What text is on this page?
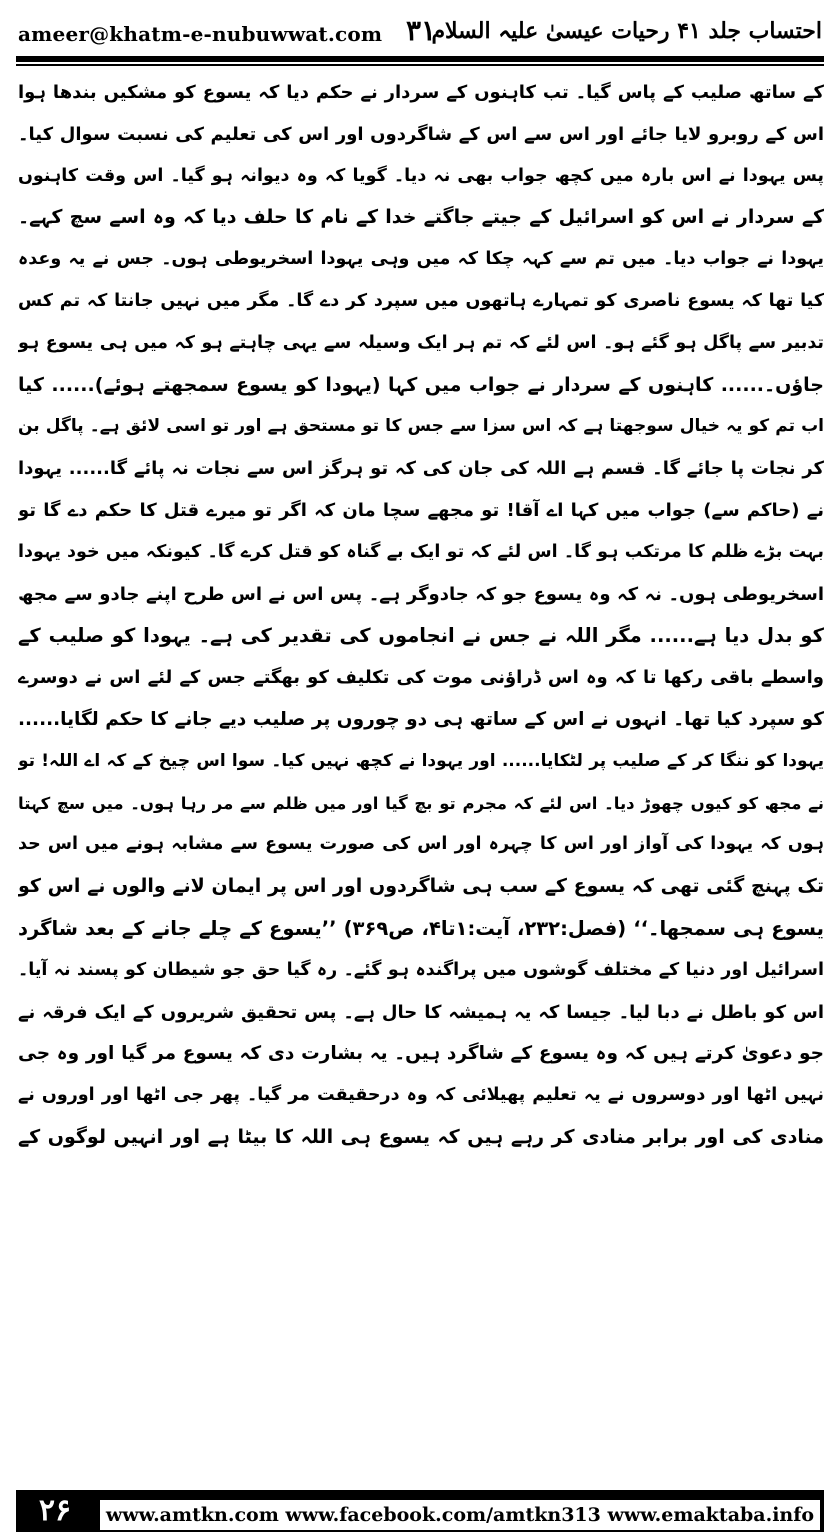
ameer@khatm-e-nubuwwat.com ۳۱
احتساب جلد ۴۱ رحیات عیسیٰ علیہ السلام
کے ساتھ صلیب کے پاس گیا۔ تب کاہنوں کے سردار نے حکم دیا کہ یسوع کو مشکیں بندھا ہوا
اس کے روبرو لایا جائے اور اس سے اس کے شاگردوں اور اس کی تعلیم کی نسبت سوال کیا۔
پس یہودا نے اس بارہ میں کچھ جواب بھی نہ دیا۔ گویا کہ وہ دیوانہ ہو گیا۔ اس وقت کاہنوں
کے سردار نے اس کو اسرائیل کے جیتے جاگتے خدا کے نام کا حلف دیا کہ وہ اسے سچ کہے۔
یہودا نے جواب دیا۔ میں تم سے کہہ چکا کہ میں وہی یہودا اسخریوطی ہوں۔ جس نے یہ وعدہ
کیا تھا کہ یسوع ناصری کو تمہارے ہاتھوں میں سپرد کر دے گا۔ مگر میں نہیں جانتا کہ تم کس
تدبیر سے پاگل ہو گئے ہو۔ اس لئے کہ تم ہر ایک وسیلہ سے یہی چاہتے ہو کہ میں ہی یسوع ہو
جاؤں۔...... کاہنوں کے سردار نے جواب میں کہا (یہودا کو یسوع سمجھتے ہوئے)...... کیا
اب تم کو یہ خیال سوجھتا ہے کہ اس سزا سے جس کا تو مستحق ہے اور تو اسی لائق ہے۔ پاگل بن
کر نجات پا جائے گا۔ قسم ہے اللہ کی جان کی کہ تو ہرگز اس سے نجات نہ پائے گا...... یہودا
نے (حاکم سے) جواب میں کہا اے آقا! تو مجھے سچا مان کہ اگر تو میرے قتل کا حکم دے گا تو
بہت بڑے ظلم کا مرتکب ہو گا۔ اس لئے کہ تو ایک بے گناہ کو قتل کرے گا۔ کیونکہ میں خود یہودا
اسخریوطی ہوں۔ نہ کہ وہ یسوع جو کہ جادوگر ہے۔ پس اس نے اس طرح اپنے جادو سے مجھ
کو بدل دیا ہے...... مگر اللہ نے جس نے انجاموں کی تقدیر کی ہے۔ یہودا کو صلیب کے
واسطے باقی رکھا تا کہ وہ اس ڈراؤنی موت کی تکلیف کو بھگتے جس کے لئے اس نے دوسرے
کو سپرد کیا تھا۔ انہوں نے اس کے ساتھ ہی دو چوروں پر صلیب دیے جانے کا حکم لگایا......
یہودا کو ننگا کر کے صلیب پر لٹکایا...... اور یہودا نے کچھ نہیں کیا۔ سوا اس چیخ کے کہ اے اللہ! تو
نے مجھ کو کیوں چھوڑ دیا۔ اس لئے کہ مجرم تو بچ گیا اور میں ظلم سے مر رہا ہوں۔ میں سچ کہتا
ہوں کہ یہودا کی آواز اور اس کا چہرہ اور اس کی صورت یسوع سے مشابہ ہونے میں اس حد
تک پہنچ گئی تھی کہ یسوع کے سب ہی شاگردوں اور اس پر ایمان لانے والوں نے اس کو
یسوع ہی سمجھا۔‘‘ (فصل:۲۳۲، آیت:۱تا۴، ص۳۶۹) ’’یسوع کے چلے جانے کے بعد شاگرد
اسرائیل اور دنیا کے مختلف گوشوں میں پراگندہ ہو گئے۔ رہ گیا حق جو شیطان کو پسند نہ آیا۔
اس کو باطل نے دبا لیا۔ جیسا کہ یہ ہمیشہ کا حال ہے۔ پس تحقیق شریروں کے ایک فرقہ نے
جو دعویٰ کرتے ہیں کہ وہ یسوع کے شاگرد ہیں۔ یہ بشارت دی کہ یسوع مر گیا اور وہ جی
نہیں اٹھا اور دوسروں نے یہ تعلیم پھیلائی کہ وہ درحقیقت مر گیا۔ پھر جی اٹھا اور اوروں نے
منادی کی اور برابر منادی کر رہے ہیں کہ یسوع ہی اللہ کا بیٹا ہے اور انہیں لوگوں کے
۲۶	www.amtkn.com www.facebook.com/amtkn313 www.emaktaba.info
